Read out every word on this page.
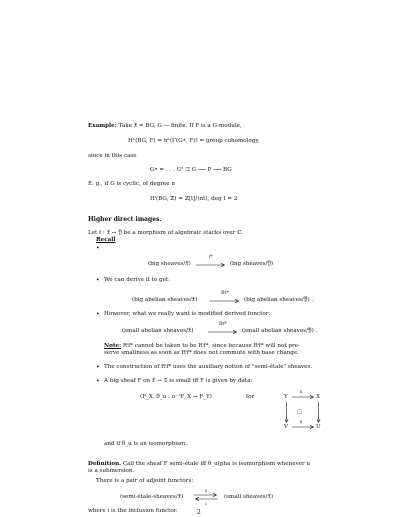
Example: Take 𝔛 = BG, G — finite. If F is a G-module,
Hⁿ(BG, F) = hⁿ(Γ(G•, F)) = group cohomology,
since in this case
G• = . . . G² ⇉ G ⟶ P ⟶ BG
E. g., if G is cyclic, of degree n
Hⁱ(BG, ℤ) = ℤ[t]/(nt), deg t = 2
Higher direct images.
Let f : 𝔛 → 𝔜 be a morphism of algebraic stacks over ℂ.
Recall
•
(big sheaves/𝔛)
f*
(big sheaves/𝔜)
• We can derive it to get:
(big abelian sheaves/𝔛)
Rⁱf*
(big abelian sheaves/𝔜) .
• However, what we really want is modified derived functor:
(small abelian sheaves/𝔛)
Rⁱf*
(small abelian sheaves/𝔜) .
Note: Rⁱf* cannot be taken to be Rⁱf*, since because Rⁱf* will not pre-
serve smallness as soon as Rⁱf* does not commute with base change.
• The construction of Rⁱf* uses the auxiliary notion of "semi-étale" sheaves.
• A big sheaf F on 𝔛 → 𝔖 is small iff F is given by data:
(F_X, θ_u : u⁻¹F_X → F_Y)	for	Y
u
X
V
u
U
□
and if θ_u is an isomorphism.
Definition. Call the sheaf F semi-étale iff θ_u(pha is isomorphism whenever u
is a submersion.
There is a pair of adjoint functors:
(semi-étale-sheaves/𝔛)
s
i
(small sheaves/𝔛)
where i is the inclusion functor.	2
